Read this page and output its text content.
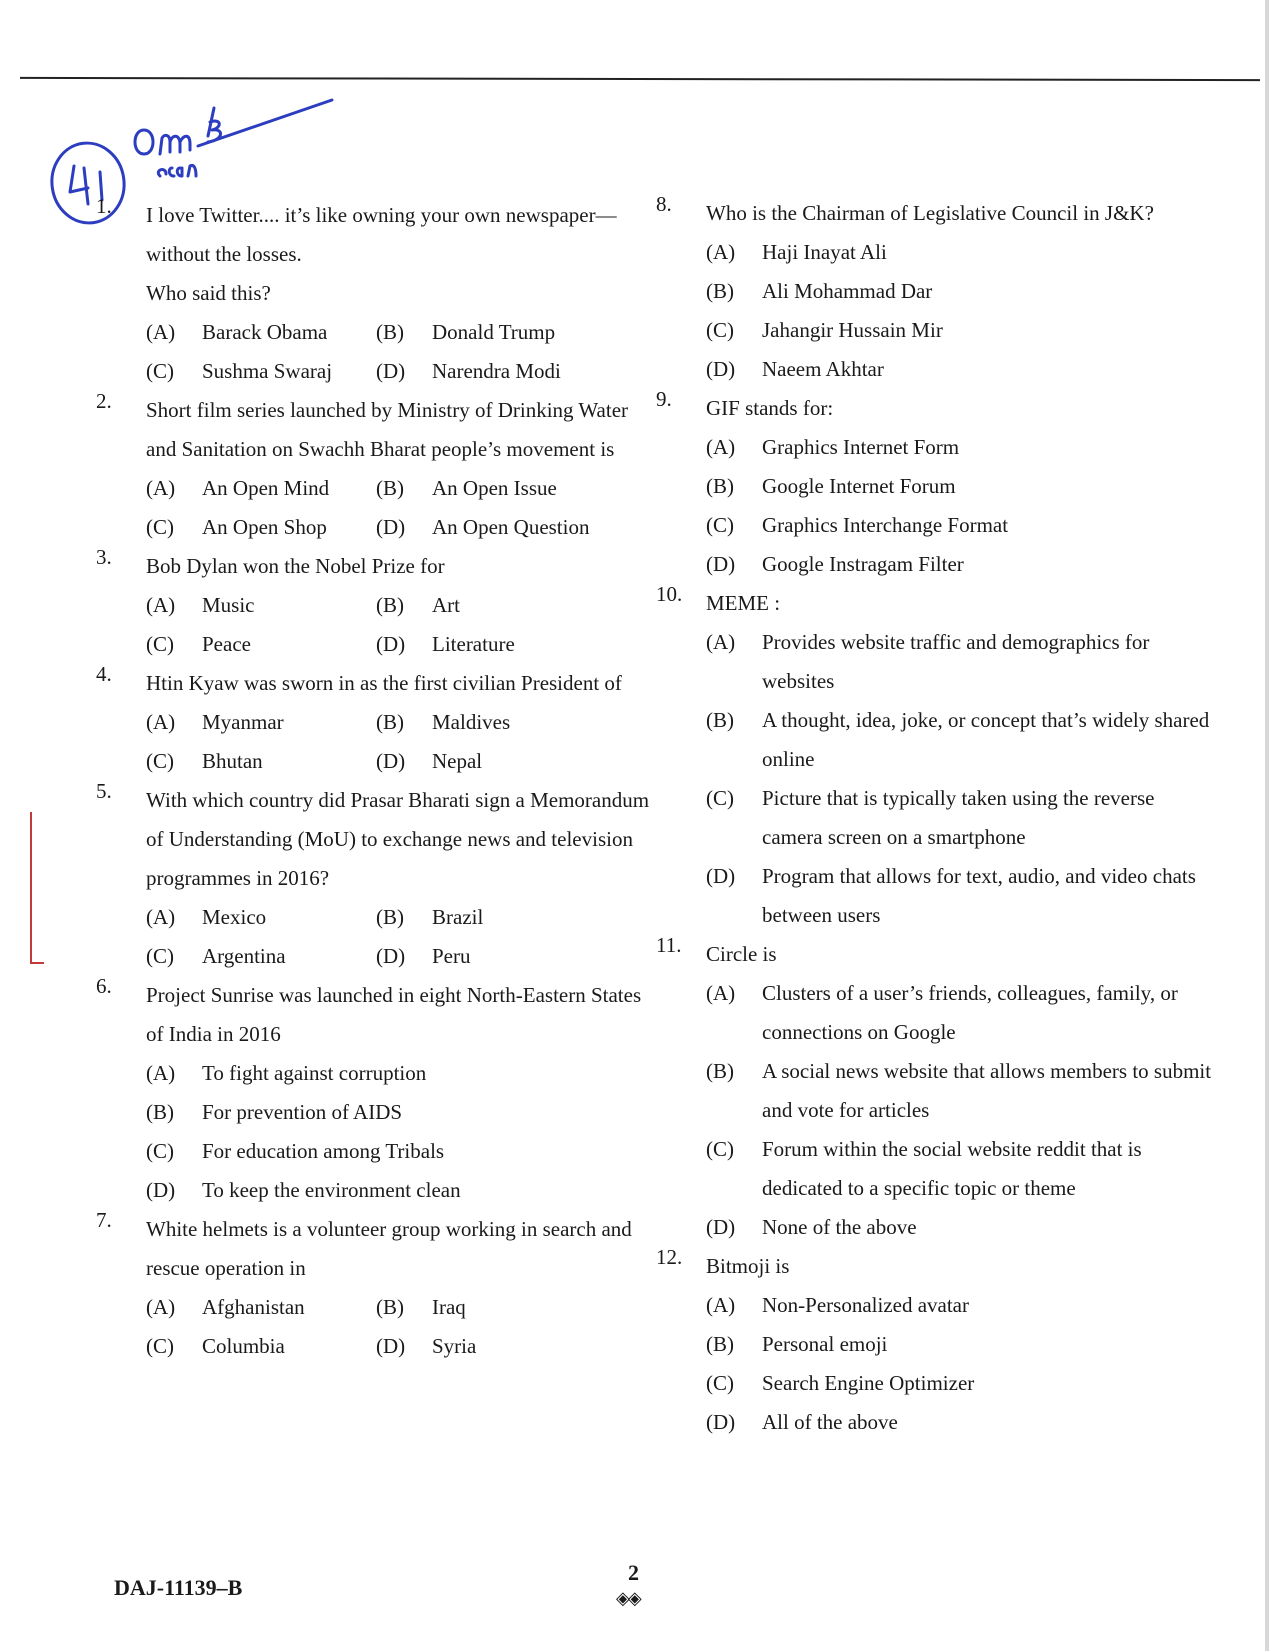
1. I love Twitter.... it’s like owning your own newspaper— without the losses.
Who said this?
(A)	Barack Obama (B)	Donald Trump
(C)	Sushma Swaraj (D)	Narendra Modi
2. Short film series launched by Ministry of Drinking Water and Sanitation on Swachh Bharat people’s movement is
(A)	An Open Mind (B)	An Open Issue
(C)	An Open Shop (D)	An Open Question
3. Bob Dylan won the Nobel Prize for
(A)	Music	(B)	Art
(C)	Peace	(D)	Literature
4. Htin Kyaw was sworn in as the first civilian President of
(A)	Myanmar	(B)	Maldives
(C)	Bhutan	(D)	Nepal
5. With which country did Prasar Bharati sign a Memorandum of Understanding (MoU) to exchange news and television programmes in 2016?
(A)	Mexico	(B)	Brazil
(C)	Argentina	(D)	Peru
6. Project Sunrise was launched in eight North-Eastern States of India in 2016
(A)	To fight against corruption
(B)	For prevention of AIDS
(C)	For education among Tribals
(D)	To keep the environment clean
7. White helmets is a volunteer group working in search and rescue operation in
(A)	Afghanistan	(B)	Iraq
(C)	Columbia	(D)	Syria
8. Who is the Chairman of Legislative Council in J&K?
(A)	Haji Inayat Ali
(B)	Ali Mohammad Dar
(C)	Jahangir Hussain Mir
(D)	Naeem Akhtar
9. GIF stands for:
(A)	Graphics Internet Form
(B)	Google Internet Forum
(C)	Graphics Interchange Format
(D)	Google Instragam Filter
10. MEME :
(A)	Provides website traffic and demographics for websites
(B)	A thought, idea, joke, or concept that’s widely shared online
(C)	Picture that is typically taken using the reverse camera screen on a smartphone
(D)	Program that allows for text, audio, and video chats between users
11. Circle is
(A)	Clusters of a user’s friends, colleagues, family, or connections on Google
(B)	A social news website that allows members to submit and vote for articles
(C)	Forum within the social website reddit that is dedicated to a specific topic or theme
(D)	None of the above
12. Bitmoji is
(A)	Non-Personalized avatar
(B)	Personal emoji
(C)	Search Engine Optimizer
(D)	All of the above
DAJ-11139–B
2
◈◈
